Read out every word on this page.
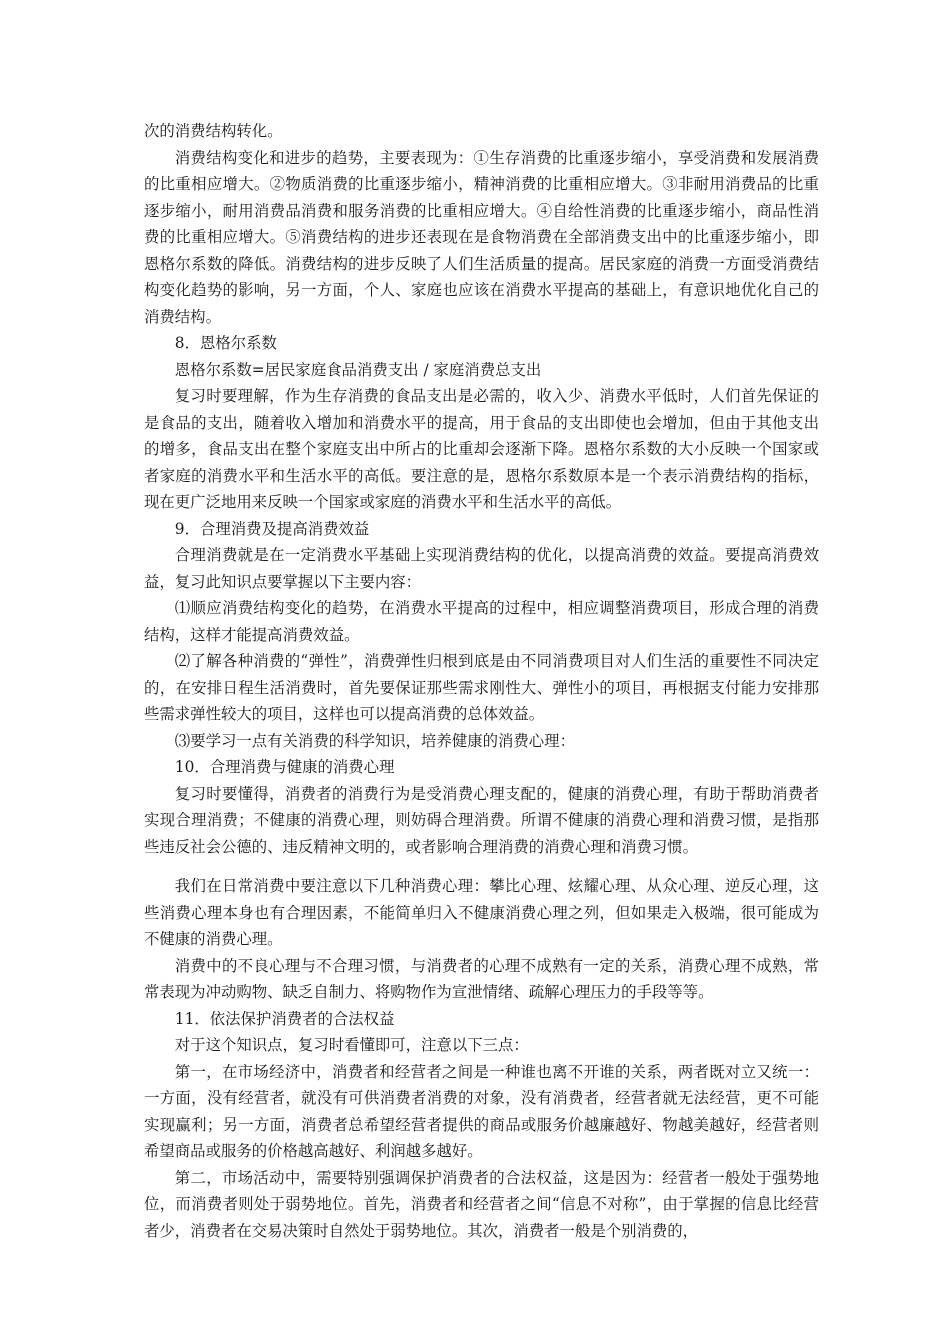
次的消费结构转化。

消费结构变化和进步的趋势，主要表现为：①生存消费的比重逐步缩小，享受消费和发展消费的比重相应增大。②物质消费的比重逐步缩小，精神消费的比重相应增大。③非耐用消费品的比重逐步缩小，耐用消费品消费和服务消费的比重相应增大。④自给性消费的比重逐步缩小，商品性消费的比重相应增大。⑤消费结构的进步还表现在是食物消费在全部消费支出中的比重逐步缩小，即恩格尔系数的降低。消费结构的进步反映了人们生活质量的提高。居民家庭的消费一方面受消费结构变化趋势的影响，另一方面，个人、家庭也应该在消费水平提高的基础上，有意识地优化自己的消费结构。

8．恩格尔系数

恩格尔系数=居民家庭食品消费支出 / 家庭消费总支出

复习时要理解，作为生存消费的食品支出是必需的，收入少、消费水平低时，人们首先保证的是食品的支出，随着收入增加和消费水平的提高，用于食品的支出即使也会增加，但由于其他支出的增多，食品支出在整个家庭支出中所占的比重却会逐渐下降。恩格尔系数的大小反映一个国家或者家庭的消费水平和生活水平的高低。要注意的是，恩格尔系数原本是一个表示消费结构的指标，现在更广泛地用来反映一个国家或家庭的消费水平和生活水平的高低。

9．合理消费及提高消费效益

合理消费就是在一定消费水平基础上实现消费结构的优化，以提高消费的效益。要提高消费效益，复习此知识点要掌握以下主要内容：

⑴顺应消费结构变化的趋势，在消费水平提高的过程中，相应调整消费项目，形成合理的消费结构，这样才能提高消费效益。

⑵了解各种消费的“弹性”，消费弹性归根到底是由不同消费项目对人们生活的重要性不同决定的，在安排日程生活消费时，首先要保证那些需求刚性大、弹性小的项目，再根据支付能力安排那些需求弹性较大的项目，这样也可以提高消费的总体效益。

⑶要学习一点有关消费的科学知识，培养健康的消费心理：

10．合理消费与健康的消费心理

复习时要懂得，消费者的消费行为是受消费心理支配的，健康的消费心理，有助于帮助消费者实现合理消费；不健康的消费心理，则妨碍合理消费。所谓不健康的消费心理和消费习惯，是指那些违反社会公德的、违反精神文明的，或者影响合理消费的消费心理和消费习惯。

我们在日常消费中要注意以下几种消费心理：攀比心理、炫耀心理、从众心理、逆反心理，这些消费心理本身也有合理因素，不能简单归入不健康消费心理之列，但如果走入极端，很可能成为不健康的消费心理。

消费中的不良心理与不合理习惯，与消费者的心理不成熟有一定的关系，消费心理不成熟，常常表现为冲动购物、缺乏自制力、将购物作为宣泄情绪、疏解心理压力的手段等等。

11．依法保护消费者的合法权益

对于这个知识点，复习时看懂即可，注意以下三点：

第一，在市场经济中，消费者和经营者之间是一种谁也离不开谁的关系，两者既对立又统一：一方面，没有经营者，就没有可供消费者消费的对象，没有消费者，经营者就无法经营，更不可能实现赢利；另一方面，消费者总希望经营者提供的商品或服务价越廉越好、物越美越好，经营者则希望商品或服务的价格越高越好、利润越多越好。

第二，市场活动中，需要特别强调保护消费者的合法权益，这是因为：经营者一般处于强势地位，而消费者则处于弱势地位。首先，消费者和经营者之间“信息不对称”，由于掌握的信息比经营者少，消费者在交易决策时自然处于弱势地位。其次，消费者一般是个别消费的，
